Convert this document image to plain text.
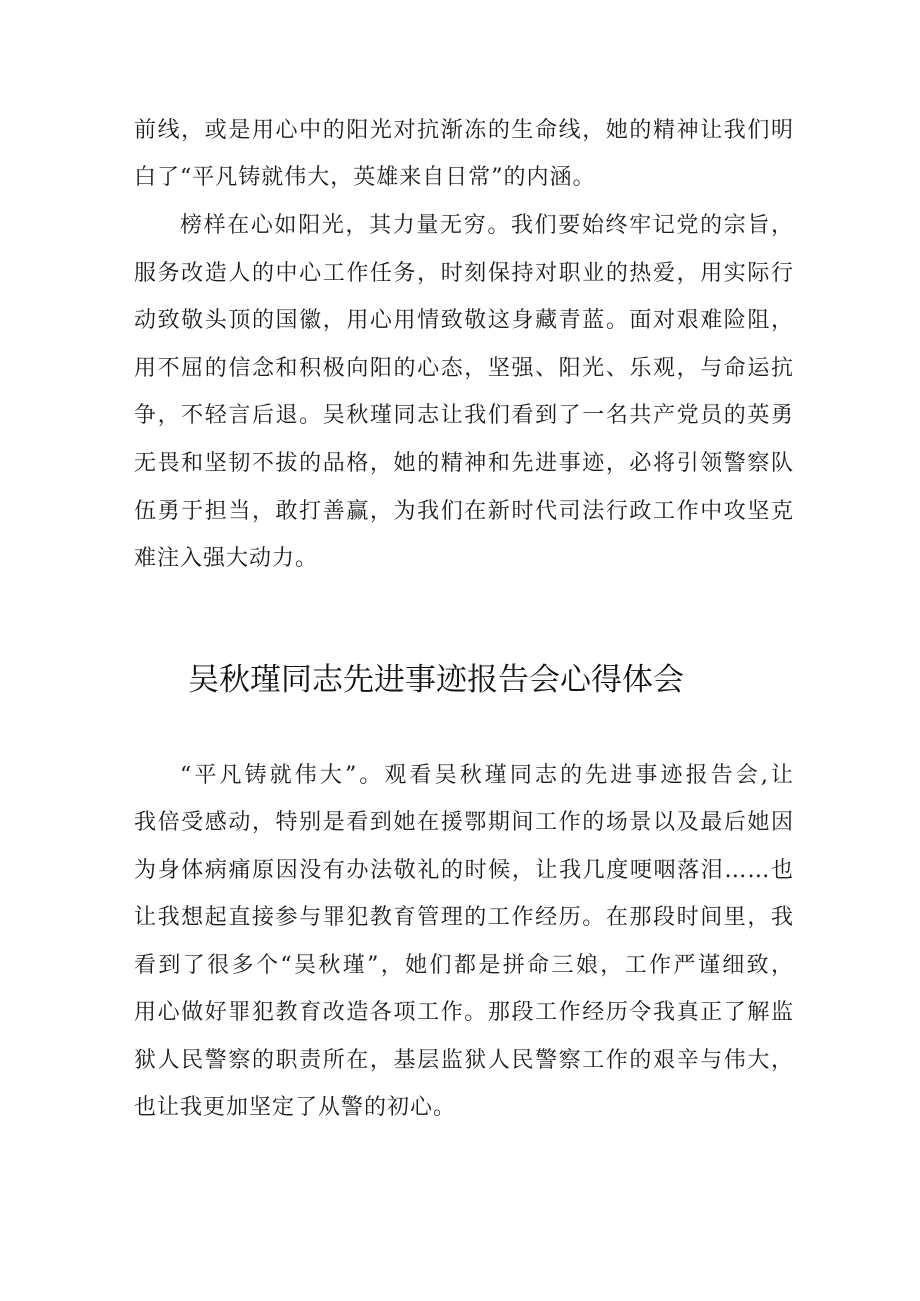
前线，或是用心中的阳光对抗渐冻的生命线，她的精神让我们明
白了“平凡铸就伟大，英雄来自日常”的内涵。
榜样在心如阳光，其力量无穷。我们要始终牢记党的宗旨，
服务改造人的中心工作任务，时刻保持对职业的热爱，用实际行
动致敬头顶的国徽，用心用情致敬这身藏青蓝。面对艰难险阻，
用不屈的信念和积极向阳的心态，坚强、阳光、乐观，与命运抗
争，不轻言后退。吴秋瑾同志让我们看到了一名共产党员的英勇
无畏和坚韧不拔的品格，她的精神和先进事迹，必将引领警察队
伍勇于担当，敢打善赢，为我们在新时代司法行政工作中攻坚克
难注入强大动力。
吴秋瑾同志先进事迹报告会心得体会
“平凡铸就伟大”。观看吴秋瑾同志的先进事迹报告会,让
我倍受感动，特别是看到她在援鄂期间工作的场景以及最后她因
为身体病痛原因没有办法敬礼的时候，让我几度哽咽落泪……也
让我想起直接参与罪犯教育管理的工作经历。在那段时间里，我
看到了很多个“吴秋瑾”，她们都是拼命三娘，工作严谨细致，
用心做好罪犯教育改造各项工作。那段工作经历令我真正了解监
狱人民警察的职责所在，基层监狱人民警察工作的艰辛与伟大，
也让我更加坚定了从警的初心。
